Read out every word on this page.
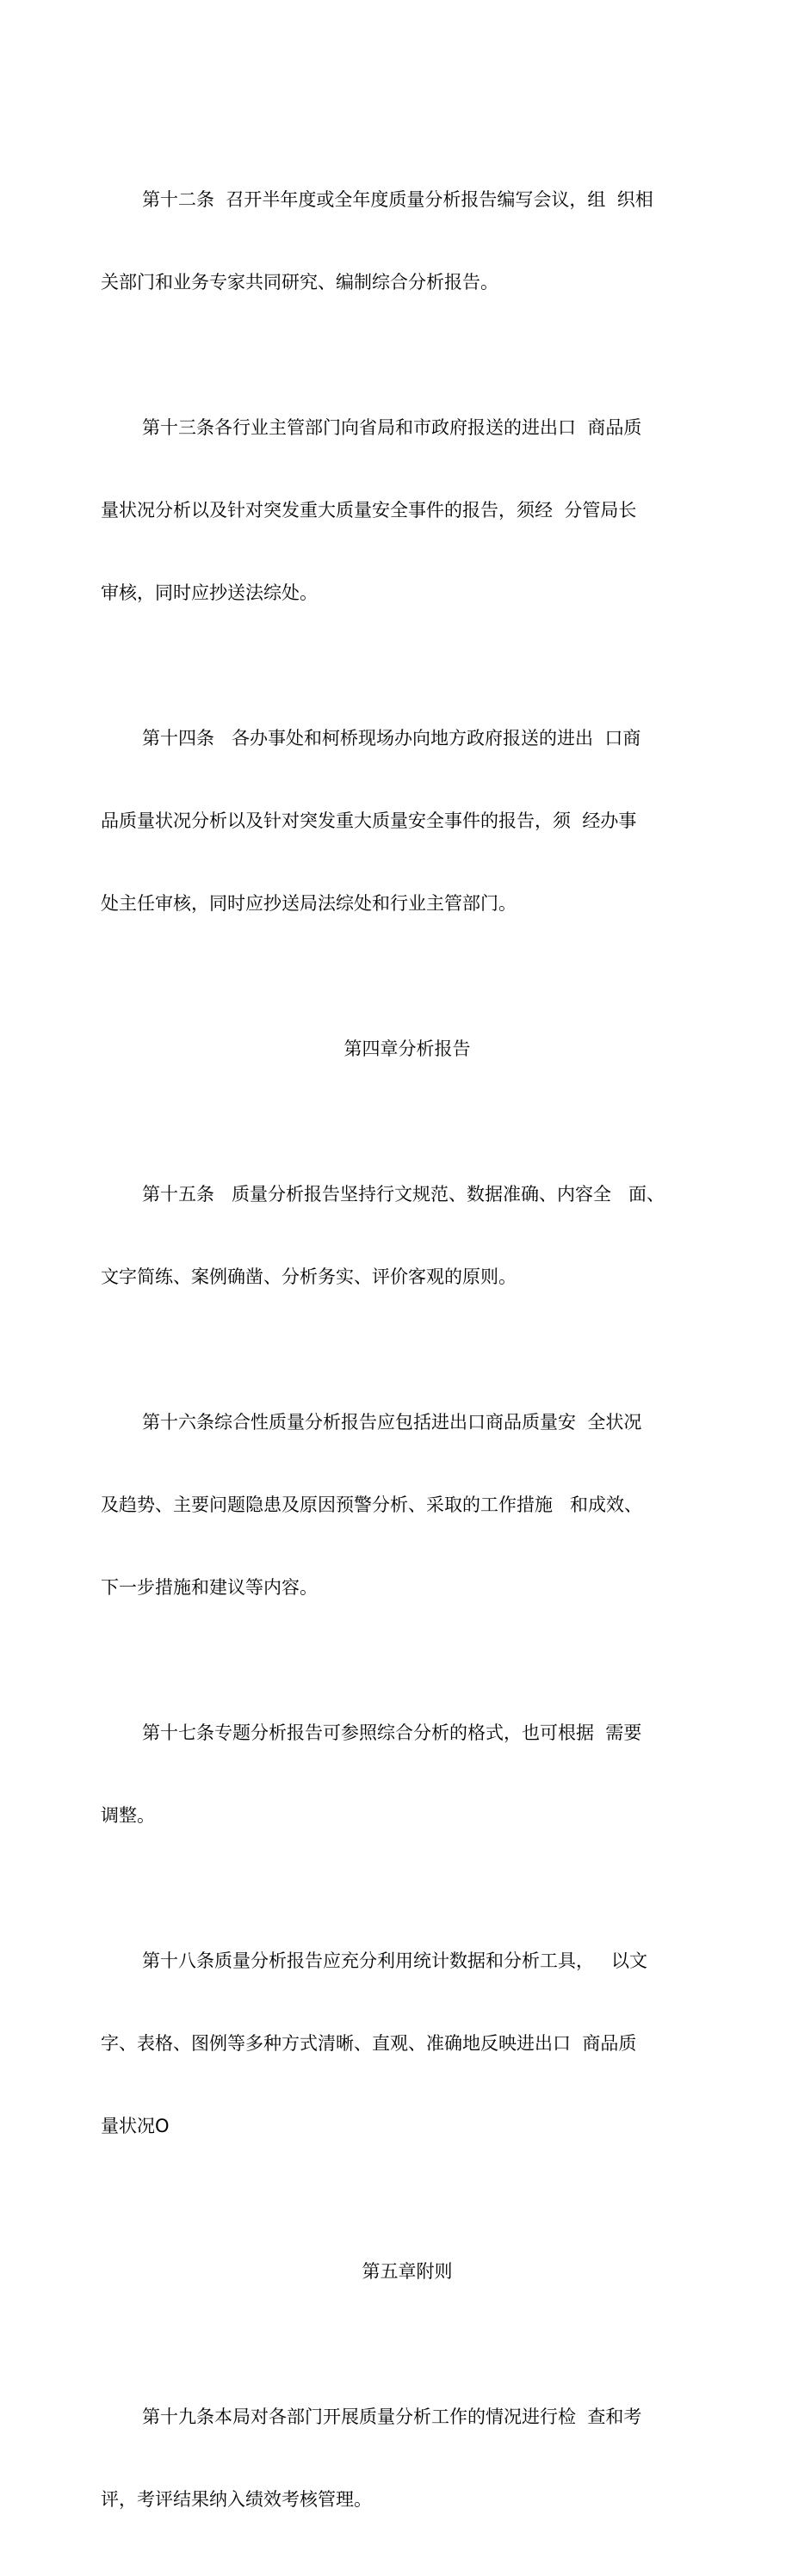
第十二条  召开半年度或全年度质量分析报告编写会议，组  织相

关部门和业务专家共同研究、编制综合分析报告。

第十三条各行业主管部门向省局和市政府报送的进出口  商品质

量状况分析以及针对突发重大质量安全事件的报告，须经  分管局长

审核，同时应抄送法综处。

第十四条   各办事处和柯桥现场办向地方政府报送的进出  口商

品质量状况分析以及针对突发重大质量安全事件的报告，须  经办事

处主任审核，同时应抄送局法综处和行业主管部门。

第四章分析报告

第十五条   质量分析报告坚持行文规范、数据准确、内容全   面、

文字简练、案例确凿、分析务实、评价客观的原则。

第十六条综合性质量分析报告应包括进出口商品质量安  全状况

及趋势、主要问题隐患及原因预警分析、采取的工作措施   和成效、

下一步措施和建议等内容。

第十七条专题分析报告可参照综合分析的格式，也可根据  需要

调整。

第十八条质量分析报告应充分利用统计数据和分析工具，   以文

字、表格、图例等多种方式清晰、直观、准确地反映进出口  商品质

量状况O

第五章附则

第十九条本局对各部门开展质量分析工作的情况进行检  查和考

评，考评结果纳入绩效考核管理。
